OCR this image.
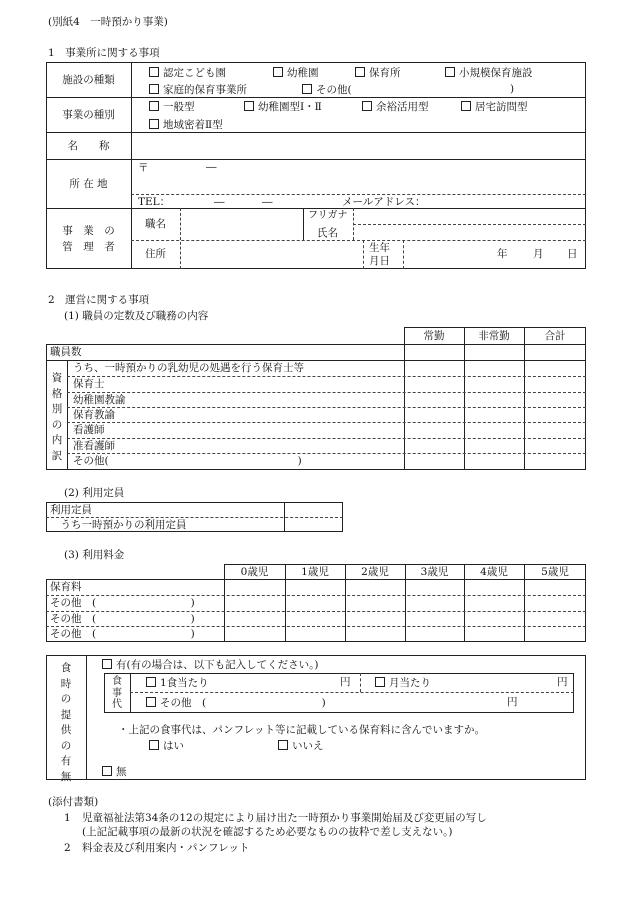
(別紙4　一時預かり事業)
1　事業所に関する事項
施設の種類
認定こども園	幼稚園	保育所	小規模保育施設
家庭的保育事業所	その他(	)
事業の種別
一般型	幼稚園型Ⅰ・Ⅱ	余裕活用型	居宅訪問型
地域密着Ⅱ型
名　　称
所 在 地
〒	―
TEL：	―	―	メールアドレス：
事　業　の
管　理　者
職名
フリガナ
氏名
住所	生年
月日
年 月 日
2　運営に関する事項
(1) 職員の定数及び職務の内容
常勤	非常勤	合計
職員数
うち、一時預かりの乳幼児の処遇を行う保育士等
資格別の内訳
保育士
幼稚園教諭
保育教諭
看護師
准看護師
その他(　　　　　　　　　　　　　　　　　　)
(2) 利用定員
利用定員
　うち一時預かりの利用定員
(3) 利用料金
0歳児	1歳児	2歳児	3歳児	4歳児	5歳児
保育料
その他　(　　　　　　　　　)
その他　(　　　　　　　　　)
その他　(　　　　　　　　　)
食時の提供の有無
有(有の場合は、以下も記入してください。)
食事代
1食当たり	円	月当たり	円
その他　(　　　　　　　　　　　)	円
・上記の食事代は、パンフレット等に記載している保育料に含んでいますか。
はい	いいえ
無
(添付書類)
1 児童福祉法第34条の12の規定により届け出た一時預かり事業開始届及び変更届の写し
(上記記載事項の最新の状況を確認するため必要なものの抜粋で差し支えない。)
2 料金表及び利用案内・パンフレット
